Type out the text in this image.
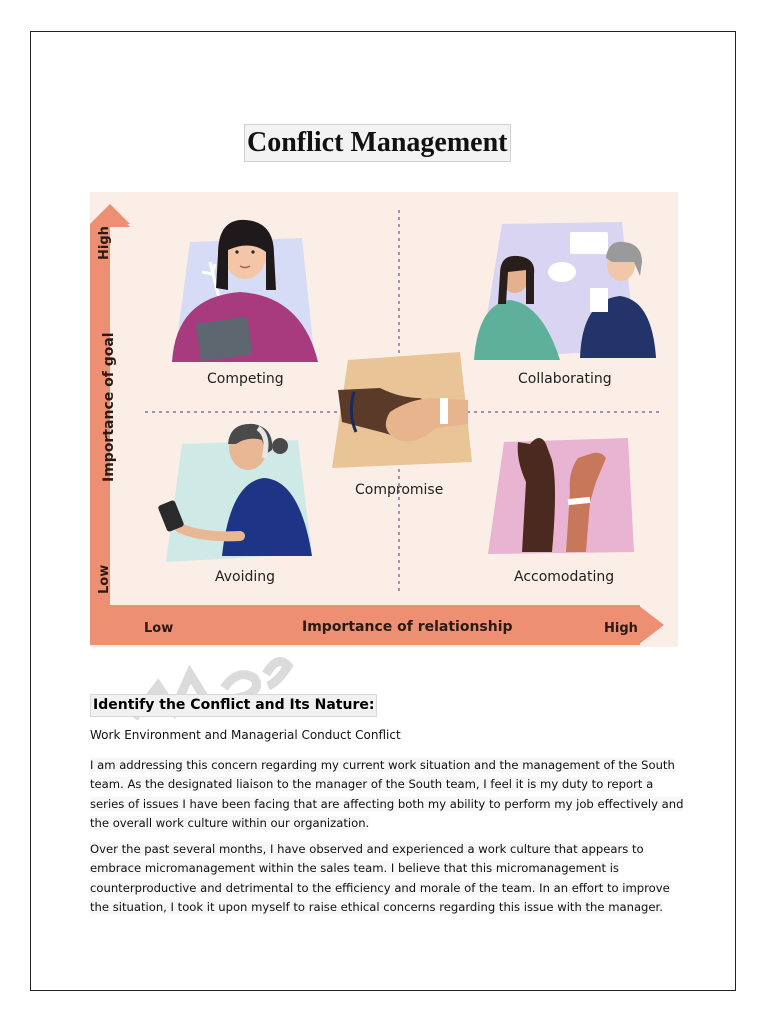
Conflict Management
High
Importance of goal
Low
Low	Importance of relationship	High
Competing	Collaborating
Compromise
Avoiding	Accomodating
Identify the Conflict and Its Nature:
Work Environment and Managerial Conduct Conflict

I am addressing this concern regarding my current work situation and the management of the South team. As the designated liaison to the manager of the South team, I feel it is my duty to report a series of issues I have been facing that are affecting both my ability to perform my job effectively and the overall work culture within our organization.

Over the past several months, I have observed and experienced a work culture that appears to embrace micromanagement within the sales team. I believe that this micromanagement is counterproductive and detrimental to the efficiency and morale of the team. In an effort to improve the situation, I took it upon myself to raise ethical concerns regarding this issue with the manager.
